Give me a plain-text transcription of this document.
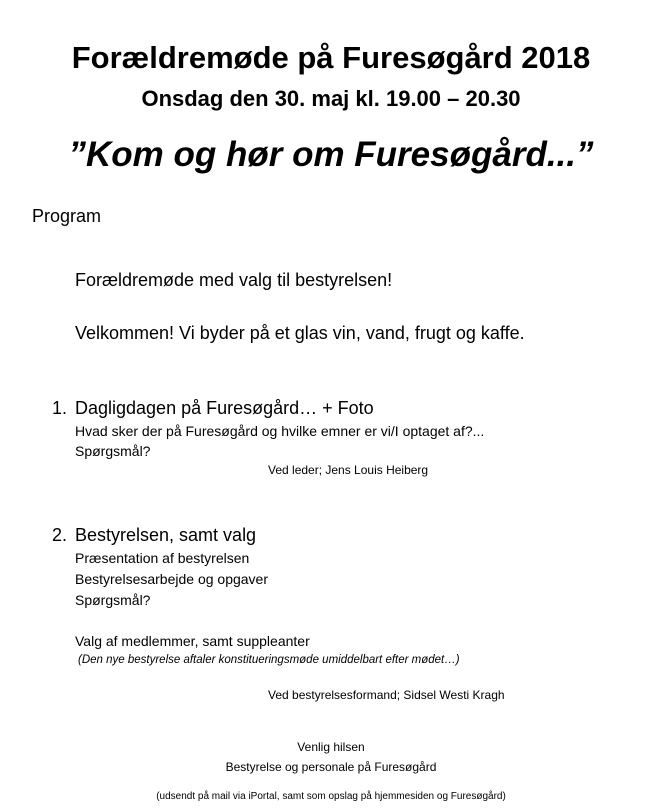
Forældremøde på Furesøgård 2018
Onsdag den 30. maj kl. 19.00 – 20.30
”Kom og hør om Furesøgård...”
Program
Forældremøde med valg til bestyrelsen!
Velkommen! Vi byder på et glas vin, vand, frugt og kaffe.
1. Dagligdagen på Furesøgård… + Foto
Hvad sker der på Furesøgård og hvilke emner er vi/I optaget af?...
Spørgsmål?
Ved leder; Jens Louis Heiberg
2. Bestyrelsen, samt valg
Præsentation af bestyrelsen
Bestyrelsesarbejde og opgaver
Spørgsmål?
Valg af medlemmer, samt suppleanter
(Den nye bestyrelse aftaler konstitueringsmøde umiddelbart efter mødet…)
Ved bestyrelsesformand; Sidsel Westi Kragh
Venlig hilsen
Bestyrelse og personale på Furesøgård
(udsendt på mail via iPortal, samt som opslag på hjemmesiden og Furesøgård)
